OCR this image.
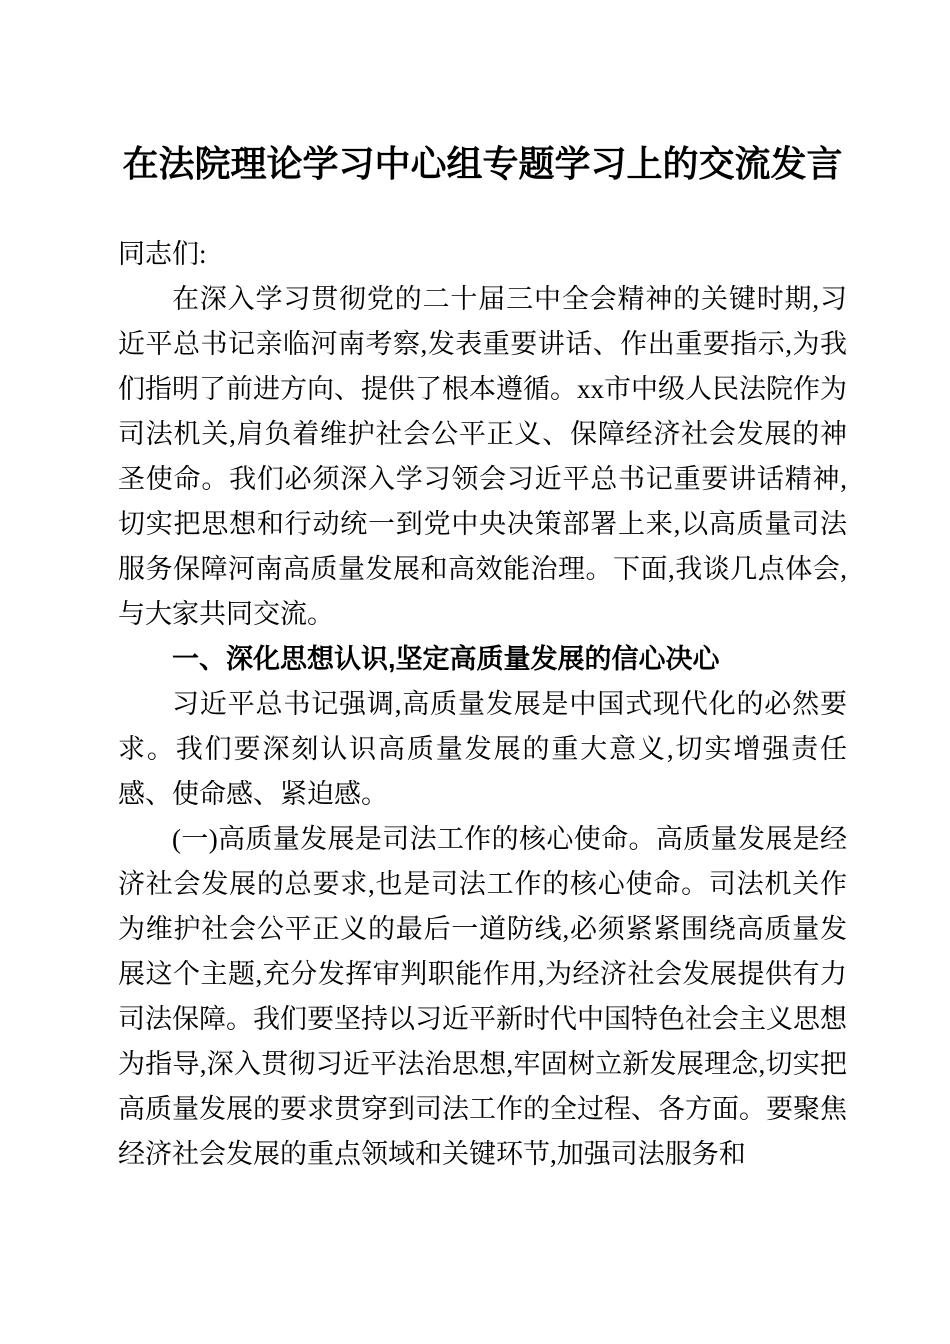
在法院理论学习中心组专题学习上的交流发言

同志们:

在深入学习贯彻党的二十届三中全会精神的关键时期,习近平总书记亲临河南考察,发表重要讲话、作出重要指示,为我们指明了前进方向、提供了根本遵循。xx市中级人民法院作为司法机关,肩负着维护社会公平正义、保障经济社会发展的神圣使命。我们必须深入学习领会习近平总书记重要讲话精神,切实把思想和行动统一到党中央决策部署上来,以高质量司法服务保障河南高质量发展和高效能治理。下面,我谈几点体会,与大家共同交流。

一、深化思想认识,坚定高质量发展的信心决心

习近平总书记强调,高质量发展是中国式现代化的必然要求。我们要深刻认识高质量发展的重大意义,切实增强责任感、使命感、紧迫感。

(一)高质量发展是司法工作的核心使命。高质量发展是经济社会发展的总要求,也是司法工作的核心使命。司法机关作为维护社会公平正义的最后一道防线,必须紧紧围绕高质量发展这个主题,充分发挥审判职能作用,为经济社会发展提供有力司法保障。我们要坚持以习近平新时代中国特色社会主义思想为指导,深入贯彻习近平法治思想,牢固树立新发展理念,切实把高质量发展的要求贯穿到司法工作的全过程、各方面。要聚焦经济社会发展的重点领域和关键环节,加强司法服务和
